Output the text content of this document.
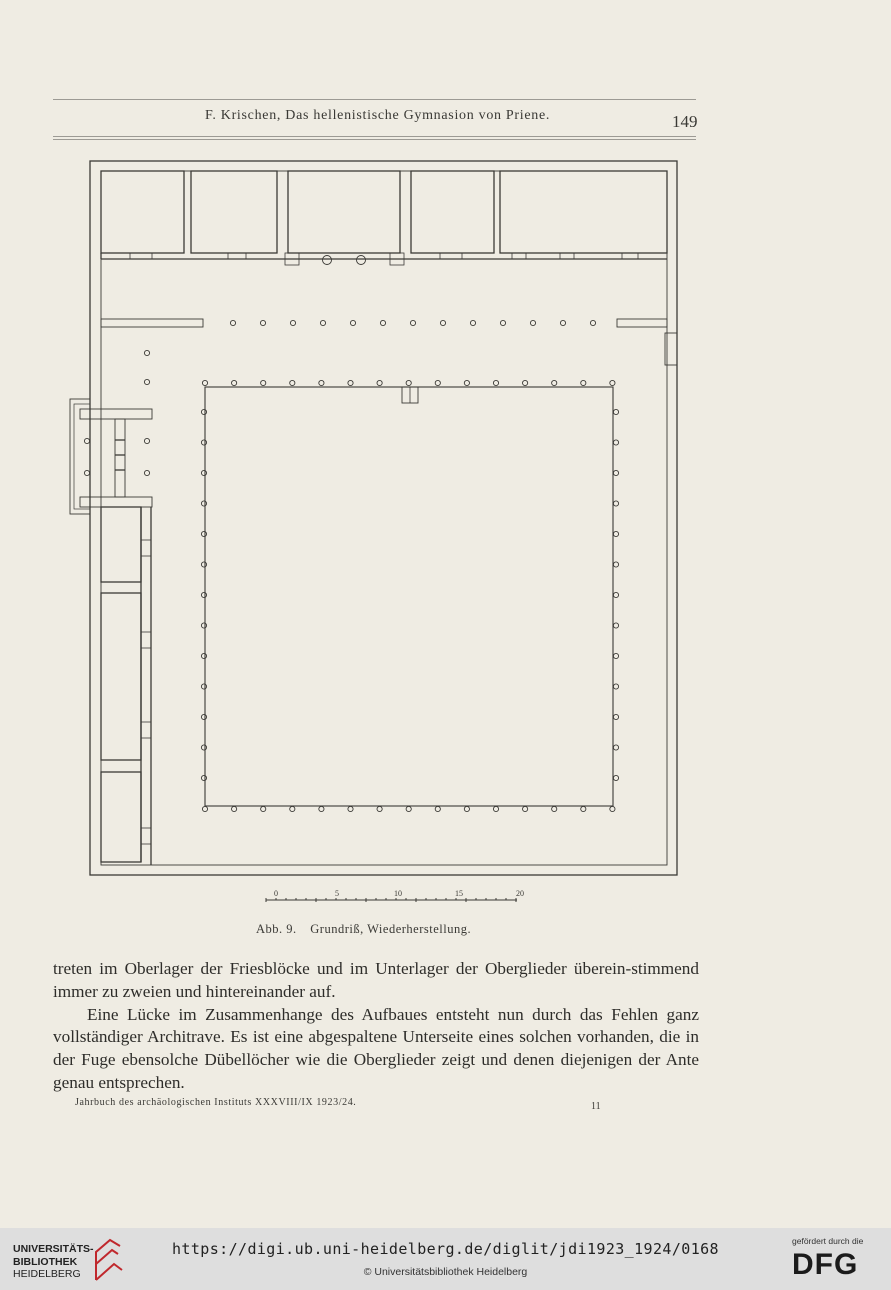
F. Krischen, Das hellenistische Gymnasion von Priene.	149
0	5	10	15	20
Abb. 9. Grundriß, Wiederherstellung.

treten im Oberlager der Friesblöcke und im Unterlager der Oberglieder überein-stimmend immer zu zweien und hintereinander auf.

Eine Lücke im Zusammenhange des Aufbaues entsteht nun durch das Fehlen ganz vollständiger Architrave. Es ist eine abgespaltene Unterseite eines solchen vorhanden, die in der Fuge ebensolche Dübellöcher wie die Oberglieder zeigt und denen diejenigen der Ante genau entsprechen.

Jahrbuch des archäologischen Instituts XXXVIII/IX 1923/24.	11
UNIVERSITÄTS-
BIBLIOTHEK
HEIDELBERG
https://digi.ub.uni-heidelberg.de/diglit/jdi1923_1924/0168
© Universitätsbibliothek Heidelberg
gefördert durch die
DFG
